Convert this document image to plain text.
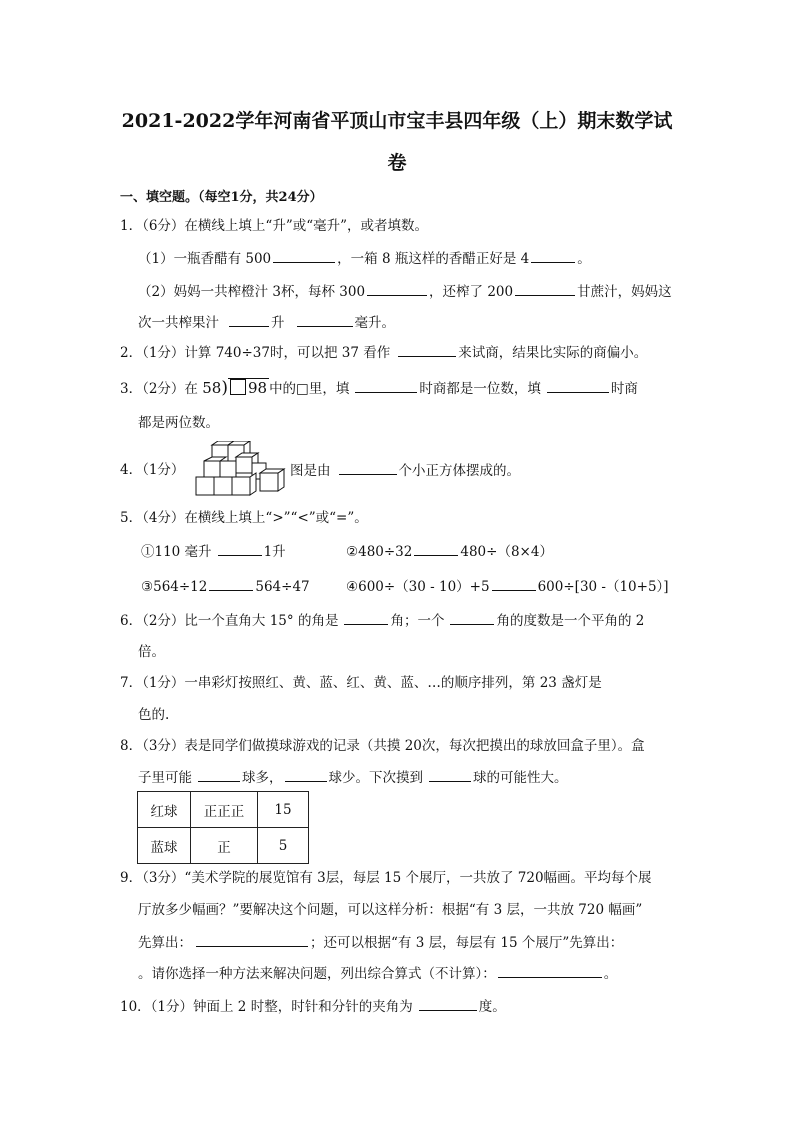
2021-2022学年河南省平顶山市宝丰县四年级（上）期末数学试
卷
一、填空题。（每空1分，共24分）
1．（6分）在横线上填上“升”或“毫升”，或者填数。
（1）一瓶香醋有 500	，一箱 8 瓶这样的香醋正好是 4	。
（2）妈妈一共榨橙汁 3杯，每杯 300	，还榨了 200	甘蔗汁，妈妈这
次一共榨果汁	升	毫升。
2．（1分）计算 740÷37时，可以把 37 看作	来试商，结果比实际的商偏小。
3．（2分）在 58) 98 中的□里，填	时商都是一位数，填	时商
都是两位数。
4．（1分）	图是由	个小正方体摆成的。
5．（4分）在横线上填上“>”“<”或“=”。
①110 毫升	1升	②480÷32	480÷（8×4）
③564÷12	564÷47	④600÷（30 - 10）+5	600÷[30 -（10+5）]
6．（2分）比一个直角大 15° 的角是	角；一个	角的度数是一个平角的 2
倍。
7．（1分）一串彩灯按照红、黄、蓝、红、黄、蓝、…的顺序排列，第 23 盏灯是
色的.
8．（3分）表是同学们做摸球游戏的记录（共摸 20次，每次把摸出的球放回盒子里）。盒
子里可能	球多，	球少。下次摸到	球的可能性大。
红球	正正正	15
蓝球	正	5
9．（3分）“美术学院的展览馆有 3层，每层 15 个展厅，一共放了 720幅画。平均每个展
厅放多少幅画？”要解决这个问题，可以这样分析：根据“有 3 层，一共放 720 幅画”
先算出：	；还可以根据“有 3 层，每层有 15 个展厅”先算出：
。请你选择一种方法来解决问题，列出综合算式（不计算）：	。
10．（1分）钟面上 2 时整，时针和分针的夹角为	度。
